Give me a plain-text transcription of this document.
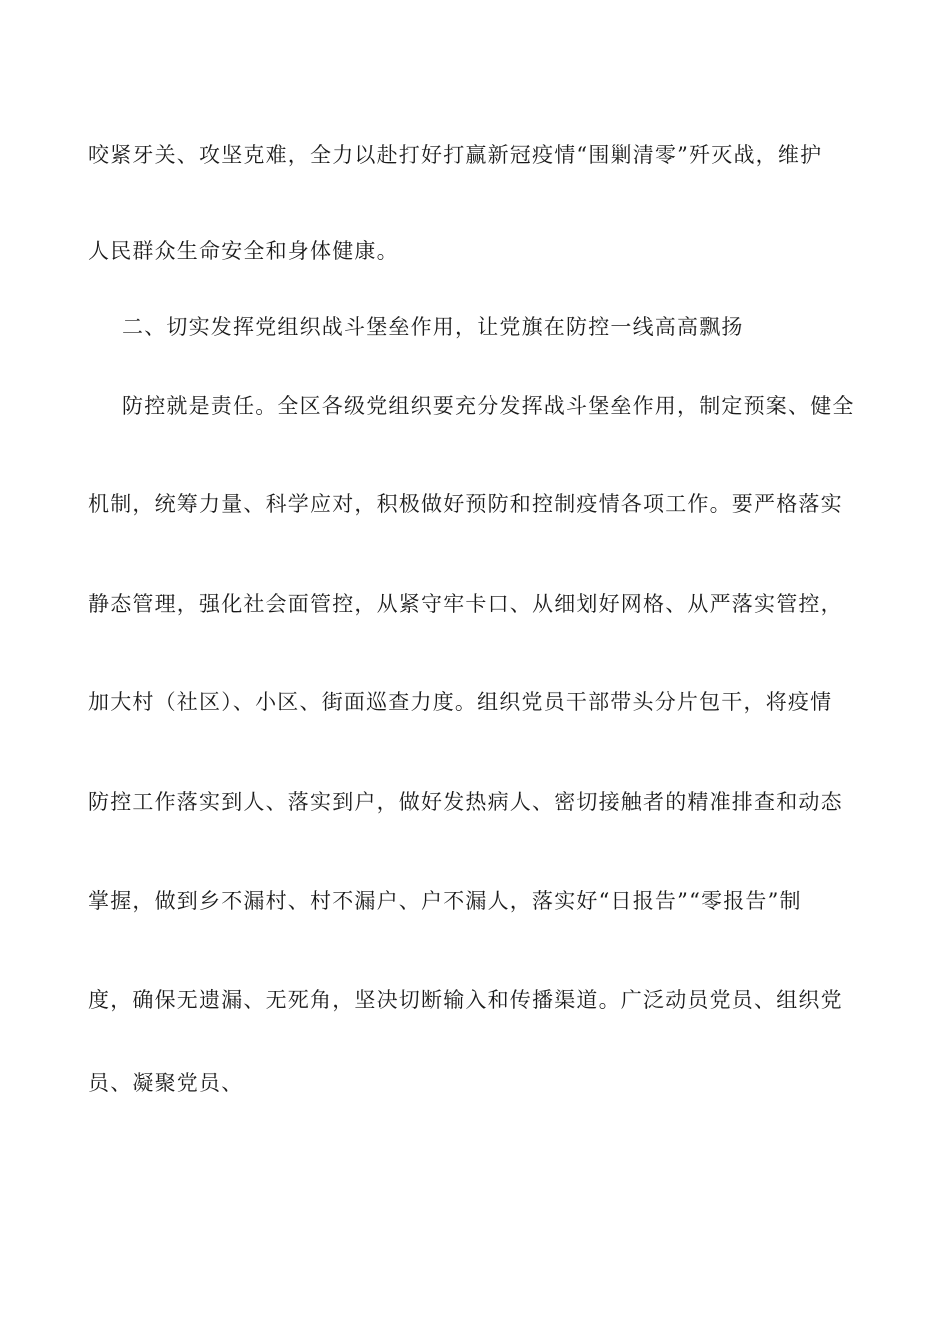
咬紧牙关、攻坚克难，全力以赴打好打赢新冠疫情“围剿清零”歼灭战，维护
人民群众生命安全和身体健康。
二、切实发挥党组织战斗堡垒作用，让党旗在防控一线高高飘扬
防控就是责任。全区各级党组织要充分发挥战斗堡垒作用，制定预案、健全
机制，统筹力量、科学应对，积极做好预防和控制疫情各项工作。要严格落实
静态管理，强化社会面管控，从紧守牢卡口、从细划好网格、从严落实管控，
加大村（社区）、小区、街面巡查力度。组织党员干部带头分片包干，将疫情
防控工作落实到人、落实到户，做好发热病人、密切接触者的精准排查和动态
掌握，做到乡不漏村、村不漏户、户不漏人，落实好“日报告”“零报告”制
度，确保无遗漏、无死角，坚决切断输入和传播渠道。广泛动员党员、组织党
员、凝聚党员、
